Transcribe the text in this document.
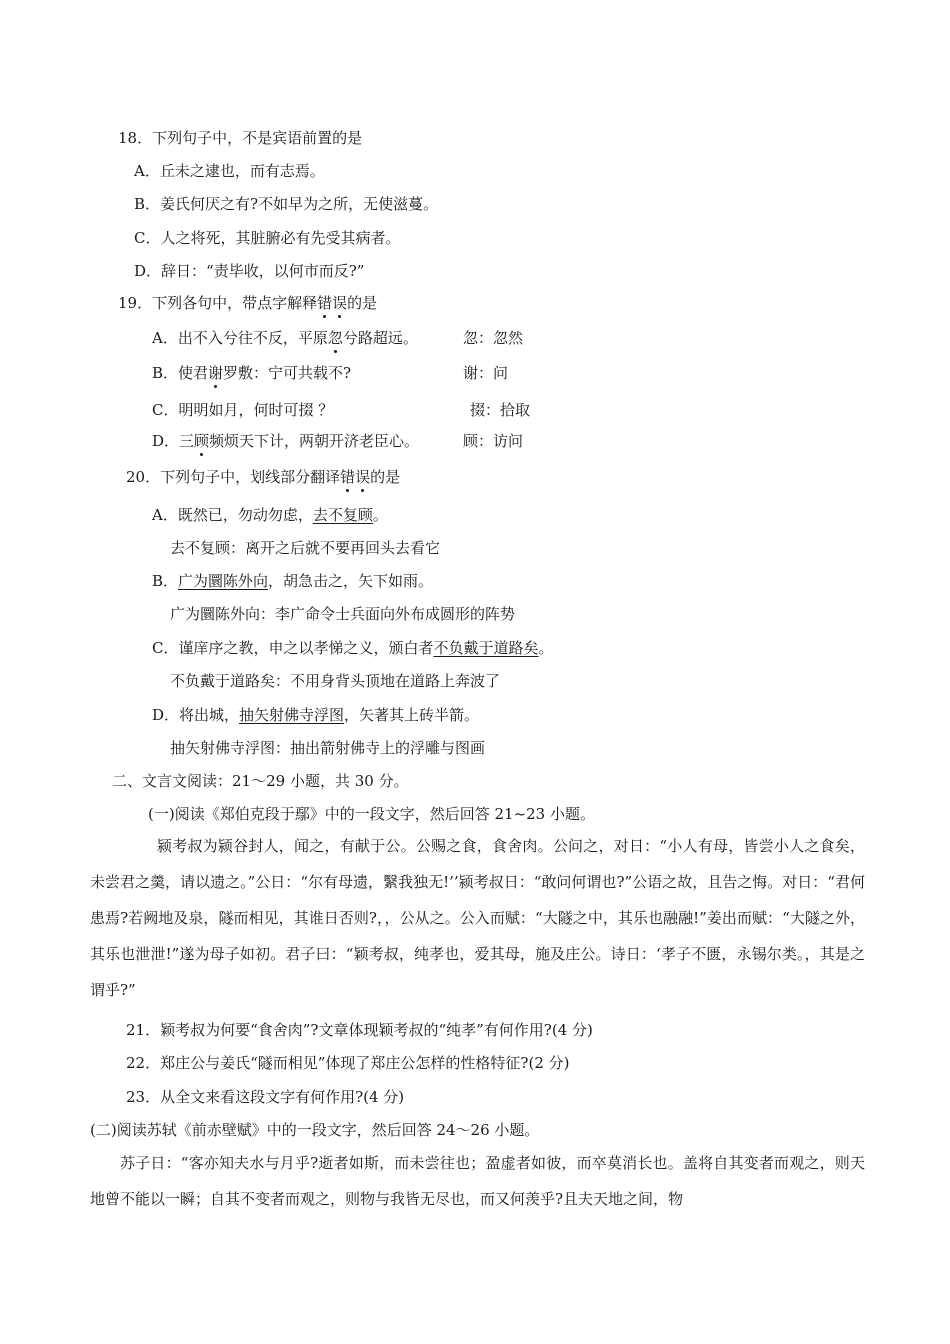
18．下列句子中，不是宾语前置的是
A．丘未之逮也，而有志焉。
B．姜氏何厌之有?不如早为之所，无使滋蔓。
C．人之将死，其脏腑必有先受其病者。
D．辞日：“责毕收，以何市而反?”
19．下列各句中，带点字解释错误的是
A．出不入兮往不反，平原忽兮路超远。	忽：忽然
B．使君谢罗敷：宁可共载不?	谢：问
C．明明如月，何时可掇 ？	掇：拾取
D．三顾频烦天下计，两朝开济老臣心。	顾：访问
20．下列句子中，划线部分翻译错误的是
A．既然已，勿动勿虑，去不复顾。
去不复顾：离开之后就不要再回头去看它
B．广为圜陈外向，胡急击之，矢下如雨。
广为圜陈外向：李广命令士兵面向外布成圆形的阵势
C．谨庠序之教，申之以孝悌之义，颁白者不负戴于道路矣。
不负戴于道路矣：不用身背头顶地在道路上奔波了
D．将出城，抽矢射佛寺浮图，矢著其上砖半箭。
抽矢射佛寺浮图：抽出箭射佛寺上的浮雕与图画
二、文言文阅读：21～29 小题，共 30 分。
(一)阅读《郑伯克段于鄢》中的一段文字，然后回答 21~23 小题。
颍考叔为颍谷封人，闻之，有献于公。公赐之食，食舍肉。公问之，对日：“小人有母，皆尝小人之食矣，未尝君之羹，请以遗之。”公日：“尔有母遗，繄我独无!’’颍考叔日：“敢问何谓也?”公语之故，且告之悔。对日：“君何患焉?若阙地及泉，隧而相见，其谁日否则?，，公从之。公入而赋：“大隧之中，其乐也融融!”姜出而赋：“大隧之外，其乐也泄泄!”遂为母子如初。君子曰：“颖考叔，纯孝也，爱其母，施及庄公。诗日：‘孝子不匮，永锡尔类。，其是之谓乎?”
21．颖考叔为何要“食舍肉”?文章体现颖考叔的“纯孝”有何作用?(4 分)
22．郑庄公与姜氏“隧而相见”体现了郑庄公怎样的性格特征?(2 分)
23．从全文来看这段文字有何作用?(4 分)
(二)阅读苏轼《前赤壁赋》中的一段文字，然后回答 24～26 小题。
苏子日：“客亦知夫水与月乎?逝者如斯，而未尝往也；盈虚者如彼，而卒莫消长也。盖将自其变者而观之，则天地曾不能以一瞬；自其不变者而观之，则物与我皆无尽也，而又何羡乎?且夫天地之间，物
